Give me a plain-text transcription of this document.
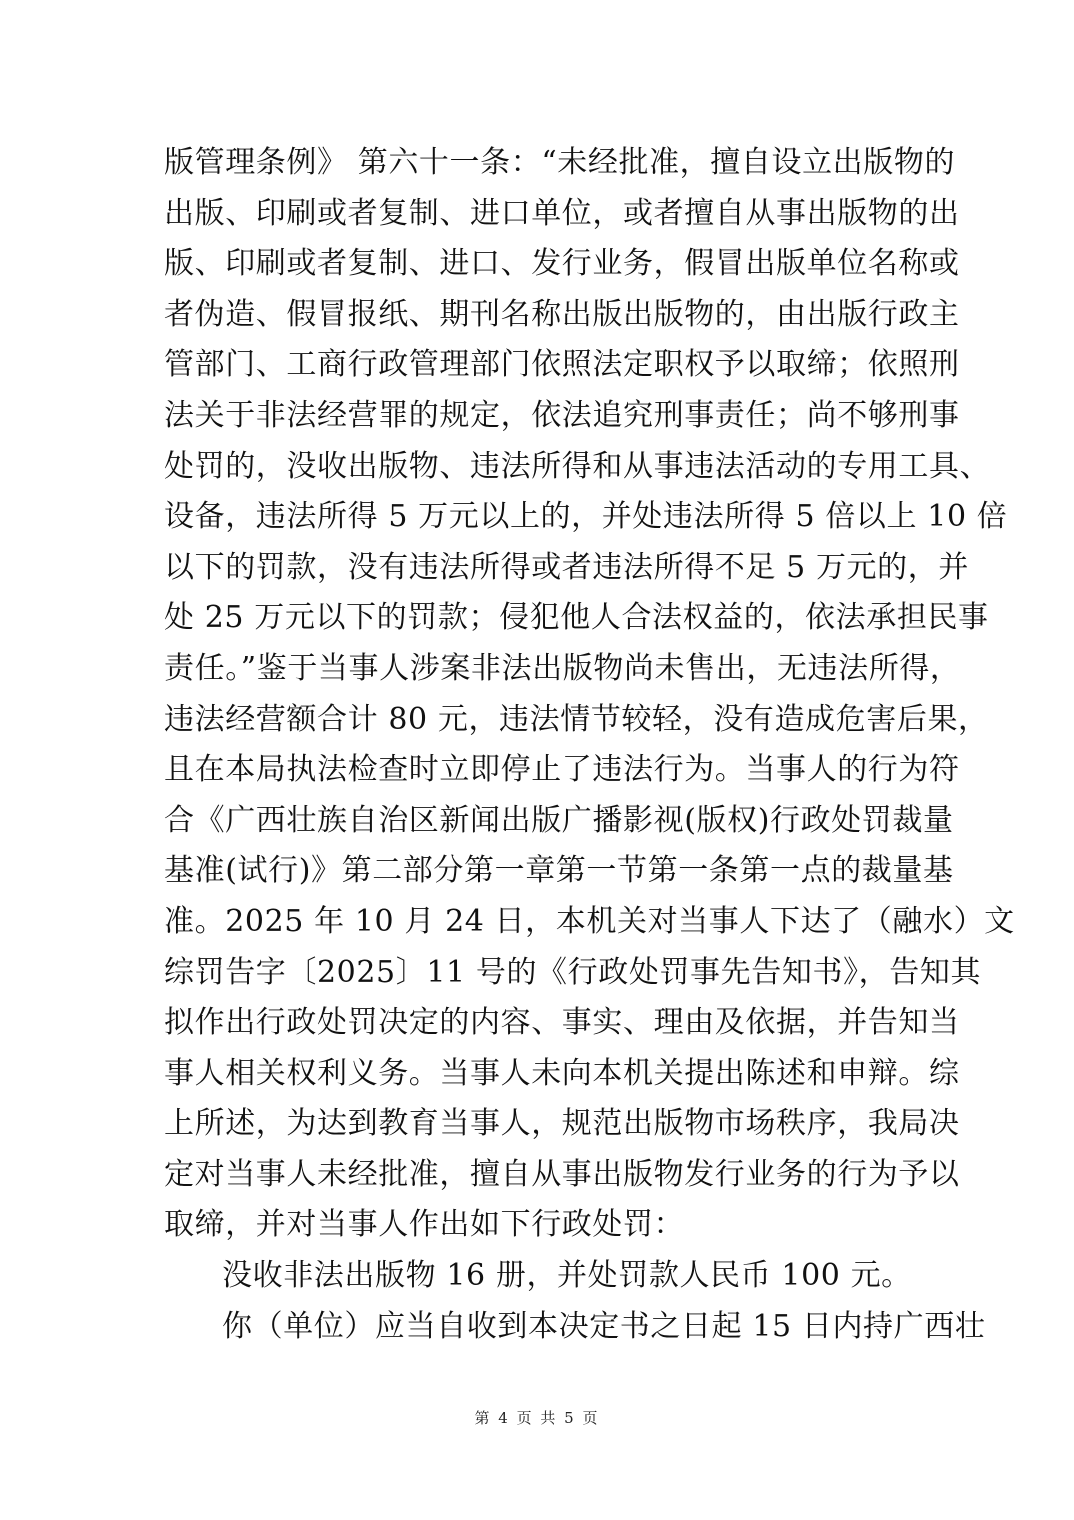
版管理条例》 第六十一条：“未经批准，擅自设立出版物的
出版、印刷或者复制、进口单位，或者擅自从事出版物的出
版、印刷或者复制、进口、发行业务，假冒出版单位名称或
者伪造、假冒报纸、期刊名称出版出版物的，由出版行政主
管部门、工商行政管理部门依照法定职权予以取缔；依照刑
法关于非法经营罪的规定，依法追究刑事责任；尚不够刑事
处罚的，没收出版物、违法所得和从事违法活动的专用工具、
设备，违法所得 5 万元以上的，并处违法所得 5 倍以上 10 倍
以下的罚款，没有违法所得或者违法所得不足 5 万元的，并
处 25 万元以下的罚款；侵犯他人合法权益的，依法承担民事
责任。”鉴于当事人涉案非法出版物尚未售出，无违法所得，
违法经营额合计 80 元，违法情节较轻，没有造成危害后果，
且在本局执法检查时立即停止了违法行为。当事人的行为符
合《广西壮族自治区新闻出版广播影视(版权)行政处罚裁量
基准(试行)》第二部分第一章第一节第一条第一点的裁量基
准。2025 年 10 月 24 日，本机关对当事人下达了（融水）文
综罚告字〔2025〕11 号的《行政处罚事先告知书》，告知其
拟作出行政处罚决定的内容、事实、理由及依据，并告知当
事人相关权利义务。当事人未向本机关提出陈述和申辩。综
上所述，为达到教育当事人，规范出版物市场秩序，我局决
定对当事人未经批准，擅自从事出版物发行业务的行为予以
取缔，并对当事人作出如下行政处罚：
没收非法出版物 16 册，并处罚款人民币 100 元。
你（单位）应当自收到本决定书之日起 15 日内持广西壮
第 4 页 共 5 页
